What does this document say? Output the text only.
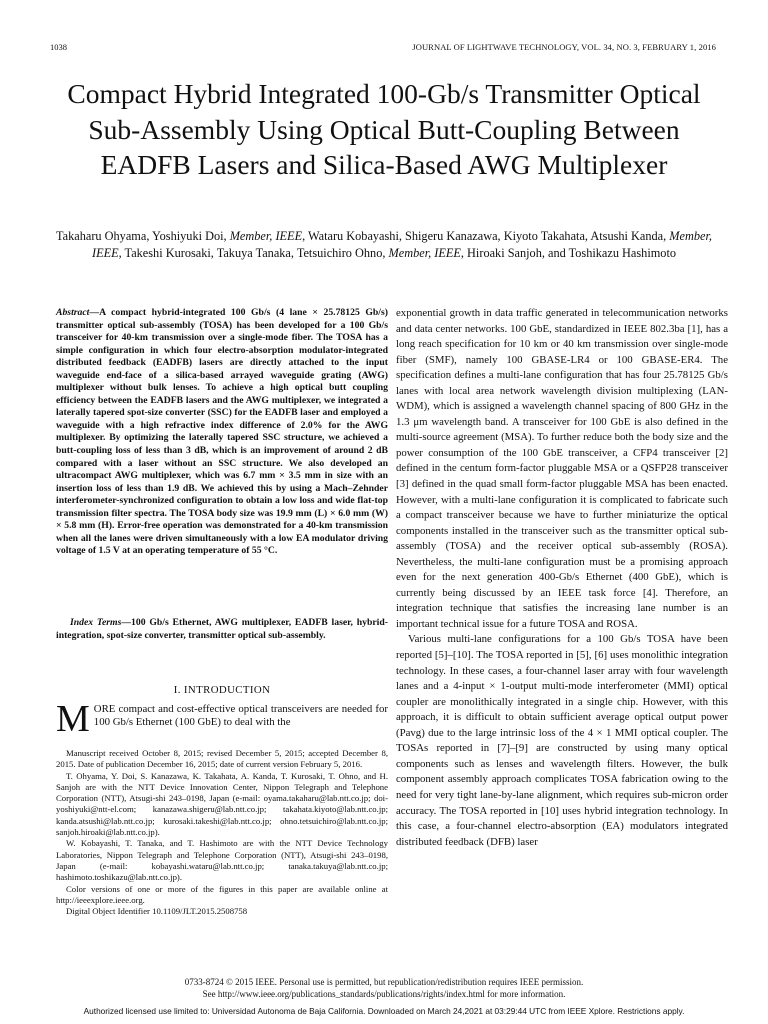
1038	JOURNAL OF LIGHTWAVE TECHNOLOGY, VOL. 34, NO. 3, FEBRUARY 1, 2016
Compact Hybrid Integrated 100-Gb/s Transmitter Optical Sub-Assembly Using Optical Butt-Coupling Between EADFB Lasers and Silica-Based AWG Multiplexer
Takaharu Ohyama, Yoshiyuki Doi, Member, IEEE, Wataru Kobayashi, Shigeru Kanazawa, Kiyoto Takahata, Atsushi Kanda, Member, IEEE, Takeshi Kurosaki, Takuya Tanaka, Tetsuichiro Ohno, Member, IEEE, Hiroaki Sanjoh, and Toshikazu Hashimoto
Abstract—A compact hybrid-integrated 100 Gb/s (4 lane × 25.78125 Gb/s) transmitter optical sub-assembly (TOSA) has been developed for a 100 Gb/s transceiver for 40-km transmission over a single-mode fiber. The TOSA has a simple configuration in which four electro-absorption modulator-integrated distributed feedback (EADFB) lasers are directly attached to the input waveguide end-face of a silica-based arrayed waveguide grating (AWG) multiplexer without bulk lenses. To achieve a high optical butt coupling efficiency between the EADFB lasers and the AWG multiplexer, we integrated a laterally tapered spot-size converter (SSC) for the EADFB laser and employed a waveguide with a high refractive index difference of 2.0% for the AWG multiplexer. By optimizing the laterally tapered SSC structure, we achieved a butt-coupling loss of less than 3 dB, which is an improvement of around 2 dB compared with a laser without an SSC structure. We also developed an ultracompact AWG multiplexer, which was 6.7 mm × 3.5 mm in size with an insertion loss of less than 1.9 dB. We achieved this by using a Mach–Zehnder interferometer-synchronized configuration to obtain a low loss and wide flat-top transmission filter spectra. The TOSA body size was 19.9 mm (L) × 6.0 mm (W) × 5.8 mm (H). Error-free operation was demonstrated for a 40-km transmission when all the lanes were driven simultaneously with a low EA modulator driving voltage of 1.5 V at an operating temperature of 55 °C.
Index Terms—100 Gb/s Ethernet, AWG multiplexer, EADFB laser, hybrid-integration, spot-size converter, transmitter optical sub-assembly.
I. INTRODUCTION
MORE compact and cost-effective optical transceivers are needed for 100 Gb/s Ethernet (100 GbE) to deal with the

Manuscript received October 8, 2015; revised December 5, 2015; accepted December 8, 2015. Date of publication December 16, 2015; date of current version February 5, 2016.

T. Ohyama, Y. Doi, S. Kanazawa, K. Takahata, A. Kanda, T. Kurosaki, T. Ohno, and H. Sanjoh are with the NTT Device Innovation Center, Nippon Telegraph and Telephone Corporation (NTT), Atsugi-shi 243–0198, Japan (e-mail: oyama.takaharu@lab.ntt.co.jp; doi-yoshiyuki@ntt-el.com; kanazawa.shigeru@lab.ntt.co.jp; takahata.kiyoto@lab.ntt.co.jp; kanda.atsushi@lab.ntt.co.jp; kurosaki.takeshi@lab.ntt.co.jp; ohno.tetsuichiro@lab.ntt.co.jp; sanjoh.hiroaki@lab.ntt.co.jp).

W. Kobayashi, T. Tanaka, and T. Hashimoto are with the NTT Device Technology Laboratories, Nippon Telegraph and Telephone Corporation (NTT), Atsugi-shi 243–0198, Japan (e-mail: kobayashi.wataru@lab.ntt.co.jp; tanaka.takuya@lab.ntt.co.jp; hashimoto.toshikazu@lab.ntt.co.jp).

Color versions of one or more of the figures in this paper are available online at http://ieeexplore.ieee.org.

Digital Object Identifier 10.1109/JLT.2015.2508758

exponential growth in data traffic generated in telecommunication networks and data center networks. 100 GbE, standardized in IEEE 802.3ba [1], has a long reach specification for 10 km or 40 km transmission over single-mode fiber (SMF), namely 100 GBASE-LR4 or 100 GBASE-ER4. The specification defines a multi-lane configuration that has four 25.78125 Gb/s lanes with local area network wavelength division multiplexing (LAN-WDM), which is assigned a wavelength channel spacing of 800 GHz in the 1.3 μm wavelength band. A transceiver for 100 GbE is also defined in the multi-source agreement (MSA). To further reduce both the body size and the power consumption of the 100 GbE transceiver, a CFP4 transceiver [2] defined in the centum form-factor pluggable MSA or a QSFP28 transceiver [3] defined in the quad small form-factor pluggable MSA has been enacted. However, with a multi-lane configuration it is complicated to fabricate such a compact transceiver because we have to further miniaturize the optical components installed in the transceiver such as the transmitter optical sub-assembly (TOSA) and the receiver optical sub-assembly (ROSA). Nevertheless, the multi-lane configuration must be a promising approach even for the next generation 400-Gb/s Ethernet (400 GbE), which is currently being discussed by an IEEE task force [4]. Therefore, an integration technique that satisfies the increasing lane number is an important technical issue for a future TOSA and ROSA.

Various multi-lane configurations for a 100 Gb/s TOSA have been reported [5]–[10]. The TOSA reported in [5], [6] uses monolithic integration technology. In these cases, a four-channel laser array with four wavelength lanes and a 4-input × 1-output multi-mode interferometer (MMI) optical coupler are monolithically integrated in a single chip. However, with this approach, it is difficult to obtain sufficient average optical output power (Pavg) due to the large intrinsic loss of the 4 × 1 MMI optical coupler. The TOSAs reported in [7]–[9] are constructed by using many optical components such as lenses and wavelength filters. However, the bulk component assembly approach complicates TOSA fabrication owing to the need for very tight lane-by-lane alignment, which requires sub-micron order accuracy. The TOSA reported in [10] uses hybrid integration technology. In this case, a four-channel electro-absorption (EA) modulators integrated distributed feedback (DFB) laser

0733-8724 © 2015 IEEE. Personal use is permitted, but republication/redistribution requires IEEE permission.
See http://www.ieee.org/publications_standards/publications/rights/index.html for more information.
Authorized licensed use limited to: Universidad Autonoma de Baja California. Downloaded on March 24,2021 at 03:29:44 UTC from IEEE Xplore. Restrictions apply.
